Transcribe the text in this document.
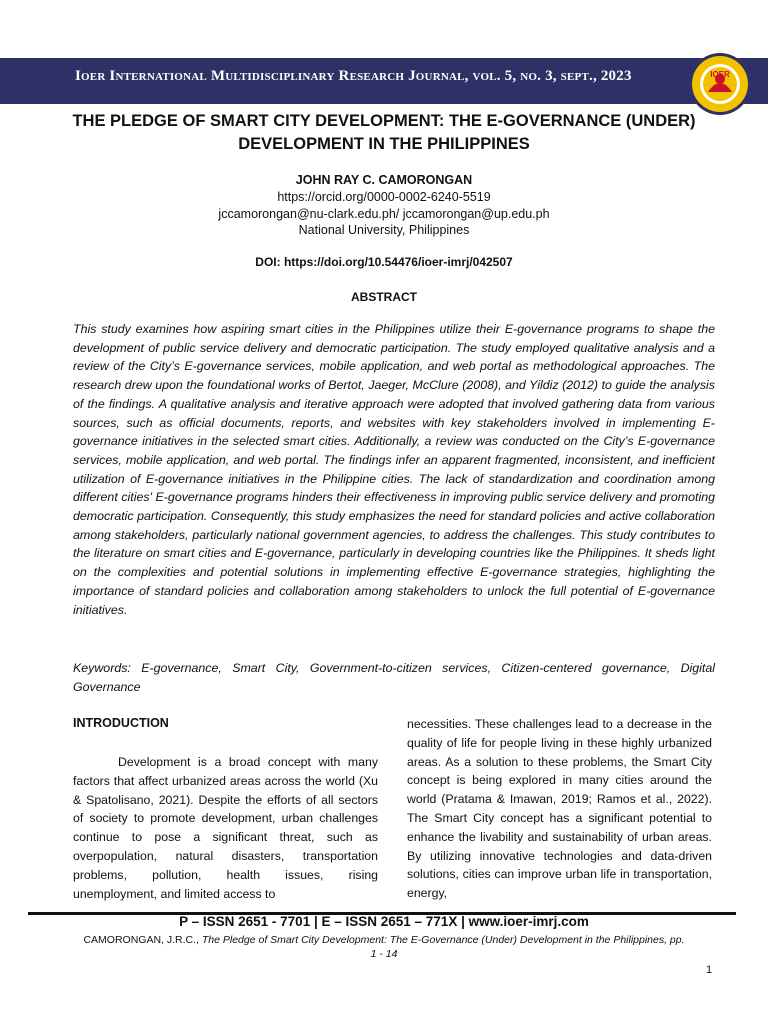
Ioer International Multidisciplinary Research Journal, vol. 5, no. 3, sept., 2023	IOER
THE PLEDGE OF SMART CITY DEVELOPMENT: THE E-GOVERNANCE (UNDER) DEVELOPMENT IN THE PHILIPPINES
JOHN RAY C. CAMORONGAN
https://orcid.org/0000-0002-6240-5519
jccamorongan@nu-clark.edu.ph/ jccamorongan@up.edu.ph
National University, Philippines
DOI: https://doi.org/10.54476/ioer-imrj/042507
ABSTRACT

This study examines how aspiring smart cities in the Philippines utilize their E-governance programs to shape the development of public service delivery and democratic participation. The study employed qualitative analysis and a review of the City’s E-governance services, mobile application, and web portal as methodological approaches. The research drew upon the foundational works of Bertot, Jaeger, McClure (2008), and Yildiz (2012) to guide the analysis of the findings. A qualitative analysis and iterative approach were adopted that involved gathering data from various sources, such as official documents, reports, and websites with key stakeholders involved in implementing E-governance initiatives in the selected smart cities. Additionally, a review was conducted on the City’s E-governance services, mobile application, and web portal. The findings infer an apparent fragmented, inconsistent, and inefficient utilization of E-governance initiatives in the Philippine cities. The lack of standardization and coordination among different cities' E-governance programs hinders their effectiveness in improving public service delivery and promoting democratic participation. Consequently, this study emphasizes the need for standard policies and active collaboration among stakeholders, particularly national government agencies, to address the challenges. This study contributes to the literature on smart cities and E-governance, particularly in developing countries like the Philippines. It sheds light on the complexities and potential solutions in implementing effective E-governance strategies, highlighting the importance of standard policies and collaboration among stakeholders to unlock the full potential of E-governance initiatives.

Keywords: E-governance, Smart City, Government-to-citizen services, Citizen-centered governance, Digital Governance

INTRODUCTION

Development is a broad concept with many factors that affect urbanized areas across the world (Xu & Spatolisano, 2021). Despite the efforts of all sectors of society to promote development, urban challenges continue to pose a significant threat, such as overpopulation, natural disasters, transportation problems, pollution, health issues, rising unemployment, and limited access to

necessities. These challenges lead to a decrease in the quality of life for people living in these highly urbanized areas. As a solution to these problems, the Smart City concept is being explored in many cities around the world (Pratama & Imawan, 2019; Ramos et al., 2022). The Smart City concept has a significant potential to enhance the livability and sustainability of urban areas. By utilizing innovative technologies and data-driven solutions, cities can improve urban life in transportation, energy,

P – ISSN 2651 - 7701 | E – ISSN 2651 – 771X | www.ioer-imrj.com
CAMORONGAN, J.R.C., The Pledge of Smart City Development: The E-Governance (Under) Development in the Philippines, pp. 1 - 14
1
